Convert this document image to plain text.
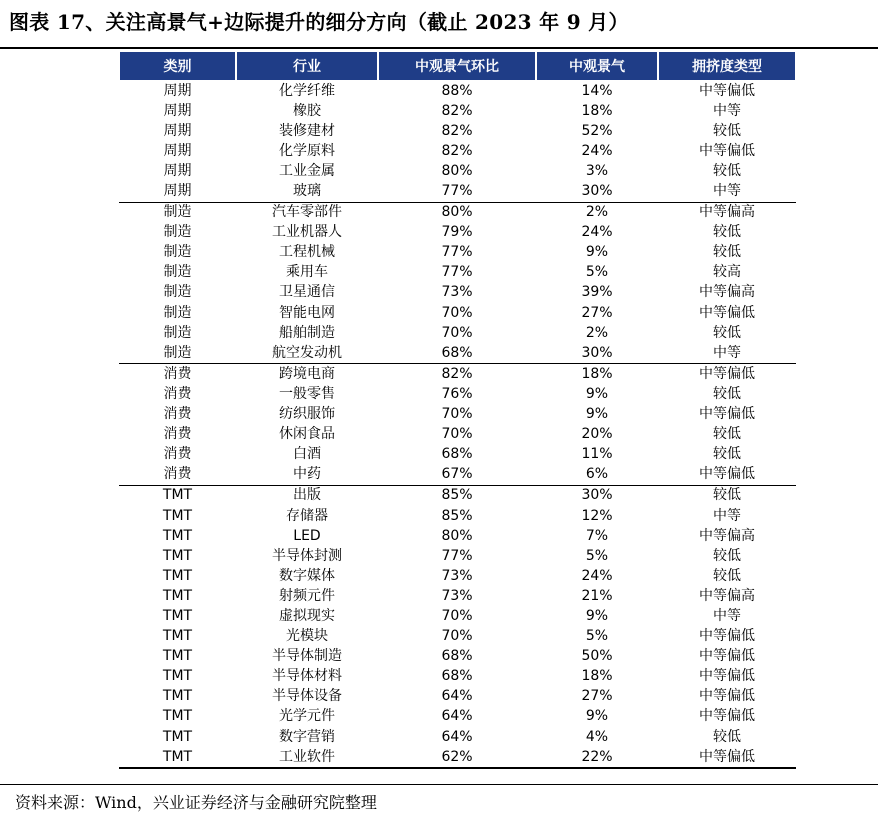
图表 17、关注高景气+边际提升的细分方向（截止 2023 年 9 月）
类别	行业	中观景气环比	中观景气	拥挤度类型
周期	化学纤维	88%	14%	中等偏低
周期	橡胶	82%	18%	中等
周期	装修建材	82%	52%	较低
周期	化学原料	82%	24%	中等偏低
周期	工业金属	80%	3%	较低
周期	玻璃	77%	30%	中等
制造	汽车零部件	80%	2%	中等偏高
制造	工业机器人	79%	24%	较低
制造	工程机械	77%	9%	较低
制造	乘用车	77%	5%	较高
制造	卫星通信	73%	39%	中等偏高
制造	智能电网	70%	27%	中等偏低
制造	船舶制造	70%	2%	较低
制造	航空发动机	68%	30%	中等
消费	跨境电商	82%	18%	中等偏低
消费	一般零售	76%	9%	较低
消费	纺织服饰	70%	9%	中等偏低
消费	休闲食品	70%	20%	较低
消费	白酒	68%	11%	较低
消费	中药	67%	6%	中等偏低
TMT	出版	85%	30%	较低
TMT	存储器	85%	12%	中等
TMT	LED	80%	7%	中等偏高
TMT	半导体封测	77%	5%	较低
TMT	数字媒体	73%	24%	较低
TMT	射频元件	73%	21%	中等偏高
TMT	虚拟现实	70%	9%	中等
TMT	光模块	70%	5%	中等偏低
TMT	半导体制造	68%	50%	中等偏低
TMT	半导体材料	68%	18%	中等偏低
TMT	半导体设备	64%	27%	中等偏低
TMT	光学元件	64%	9%	中等偏低
TMT	数字营销	64%	4%	较低
TMT	工业软件	62%	22%	中等偏低
资料来源：Wind，兴业证券经济与金融研究院整理
